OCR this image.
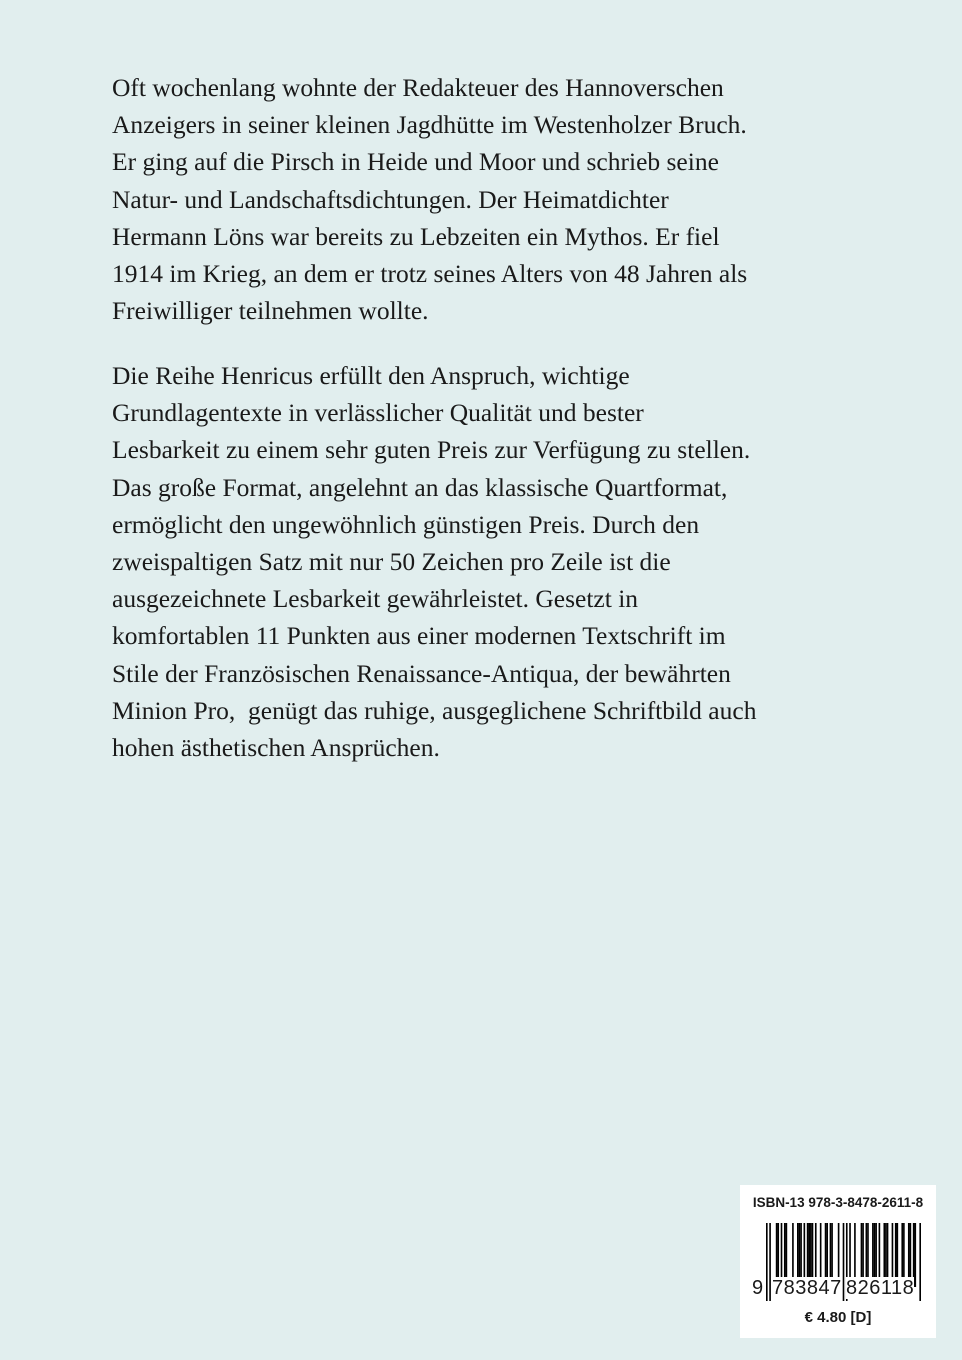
Oft wochenlang wohnte der Redakteuer des Hannoverschen
Anzeigers in seiner kleinen Jagdhütte im Westenholzer Bruch.
Er ging auf die Pirsch in Heide und Moor und schrieb seine
Natur- und Landschaftsdichtungen. Der Heimatdichter
Hermann Löns war bereits zu Lebzeiten ein Mythos. Er fiel
1914 im Krieg, an dem er trotz seines Alters von 48 Jahren als
Freiwilliger teilnehmen wollte.
Die Reihe Henricus erfüllt den Anspruch, wichtige
Grundlagentexte in verlässlicher Qualität und bester
Lesbarkeit zu einem sehr guten Preis zur Verfügung zu stellen.
Das große Format, angelehnt an das klassische Quartformat,
ermöglicht den ungewöhnlich günstigen Preis. Durch den
zweispaltigen Satz mit nur 50 Zeichen pro Zeile ist die
ausgezeichnete Lesbarkeit gewährleistet. Gesetzt in
komfortablen 11 Punkten aus einer modernen Textschrift im
Stile der Französischen Renaissance-Antiqua, der bewährten
Minion Pro,  genügt das ruhige, ausgeglichene Schriftbild auch
hohen ästhetischen Ansprüchen.
ISBN-13 978-3-8478-2611-8
9 783847 826118
€ 4.80 [D]
